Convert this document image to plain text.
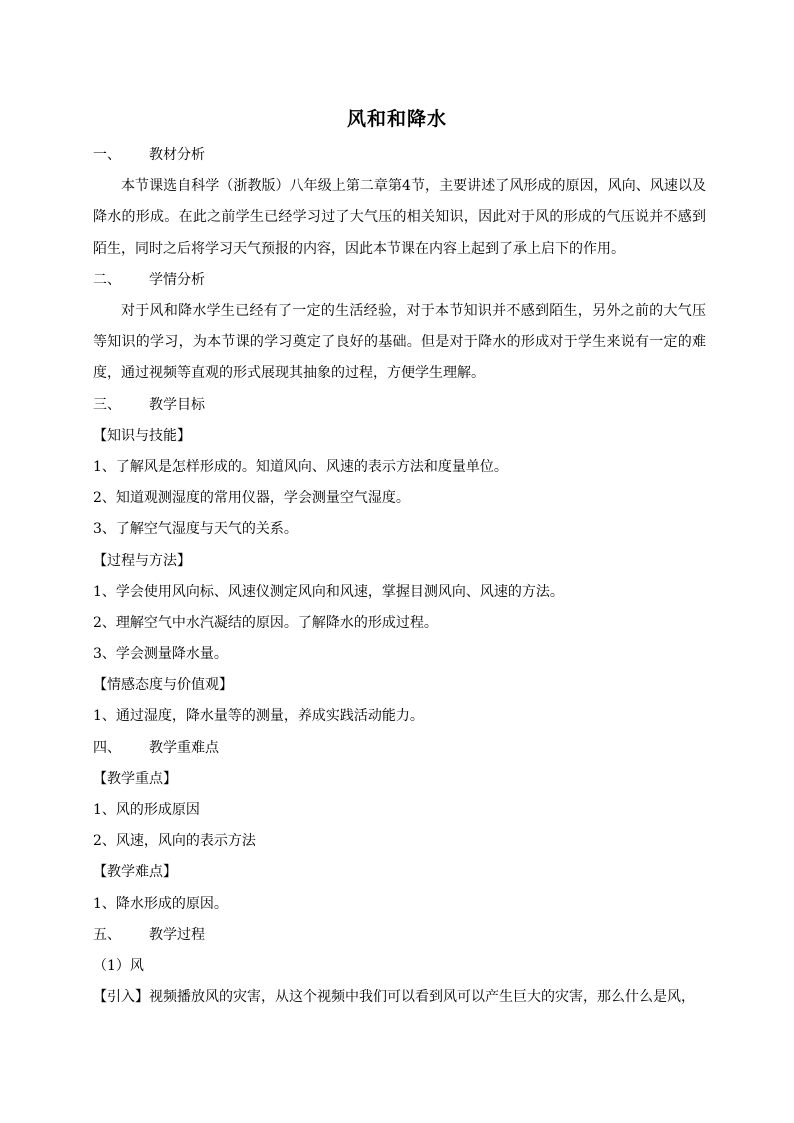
风和和降水
一、 教材分析

本节课选自科学（浙教版）八年级上第二章第4节，主要讲述了风形成的原因，风向、风速以及降水的形成。在此之前学生已经学习过了大气压的相关知识，因此对于风的形成的气压说并不感到陌生，同时之后将学习天气预报的内容，因此本节课在内容上起到了承上启下的作用。

二、 学情分析

对于风和降水学生已经有了一定的生活经验，对于本节知识并不感到陌生，另外之前的大气压等知识的学习，为本节课的学习奠定了良好的基础。但是对于降水的形成对于学生来说有一定的难度，通过视频等直观的形式展现其抽象的过程，方便学生理解。

三、 教学目标
【知识与技能】
1、了解风是怎样形成的。知道风向、风速的表示方法和度量单位。
2、知道观测湿度的常用仪器，学会测量空气湿度。
3、了解空气湿度与天气的关系。
【过程与方法】
1、学会使用风向标、风速仪测定风向和风速，掌握目测风向、风速的方法。
2、理解空气中水汽凝结的原因。了解降水的形成过程。
3、学会测量降水量。
【情感态度与价值观】
1、通过湿度，降水量等的测量，养成实践活动能力。
四、 教学重难点
【教学重点】
1、风的形成原因
2、风速，风向的表示方法
【教学难点】
1、降水形成的原因。
五、 教学过程
（1）风
【引入】视频播放风的灾害，从这个视频中我们可以看到风可以产生巨大的灾害，那么什么是风，
